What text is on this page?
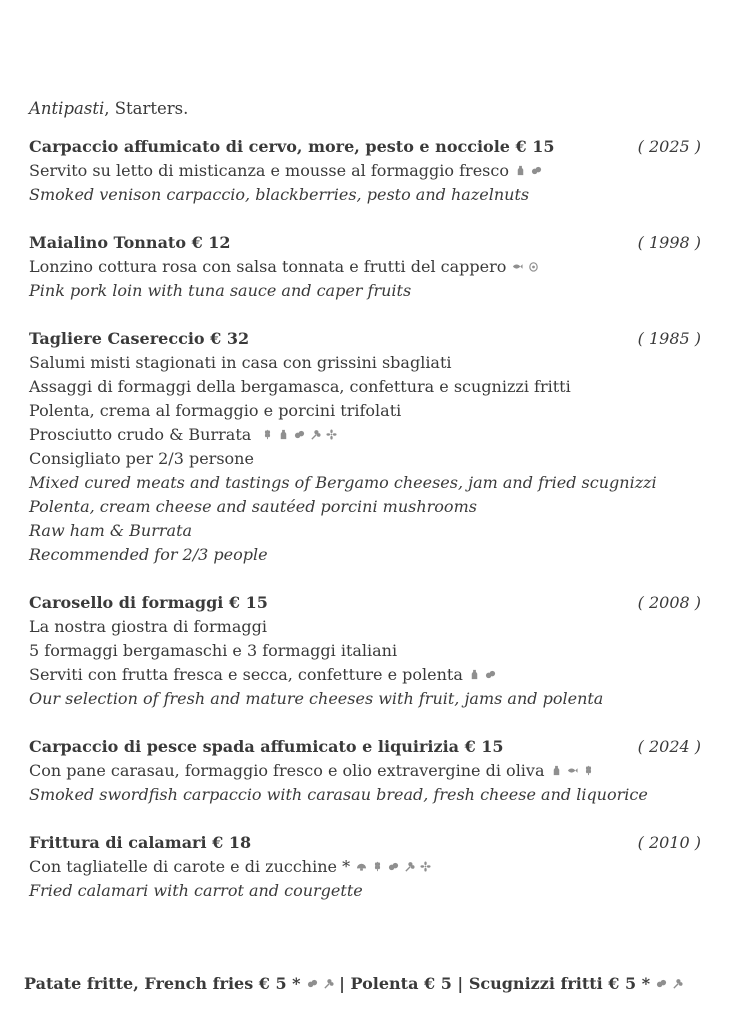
Antipasti, Starters.
Carpaccio affumicato di cervo, more, pesto e nocciole € 15	( 2025 )
Servito su letto di misticanza e mousse al formaggio fresco
Smoked venison carpaccio, blackberries, pesto and hazelnuts
Maialino Tonnato € 12	( 1998 )
Lonzino cottura rosa con salsa tonnata e frutti del cappero
Pink pork loin with tuna sauce and caper fruits
Tagliere Casereccio € 32	( 1985 )
Salumi misti stagionati in casa con grissini sbagliati
Assaggi di formaggi della bergamasca, confettura e scugnizzi fritti
Polenta, crema al formaggio e porcini trifolati
Prosciutto crudo & Burrata
Consigliato per 2/3 persone
Mixed cured meats and tastings of Bergamo cheeses, jam and fried scugnizzi
Polenta, cream cheese and sautéed porcini mushrooms
Raw ham & Burrata
Recommended for 2/3 people
Carosello di formaggi € 15	( 2008 )
La nostra giostra di formaggi
5 formaggi bergamaschi e 3 formaggi italiani
Serviti con frutta fresca e secca, confetture e polenta
Our selection of fresh and mature cheeses with fruit, jams and polenta
Carpaccio di pesce spada affumicato e liquirizia € 15	( 2024 )
Con pane carasau, formaggio fresco e olio extravergine di oliva
Smoked swordfish carpaccio with carasau bread, fresh cheese and liquorice
Frittura di calamari € 18	( 2010 )
Con tagliatelle di carote e di zucchine *
Fried calamari with carrot and courgette
Patate fritte, French fries € 5 *
| Polenta € 5 | Scugnizzi fritti € 5 *
